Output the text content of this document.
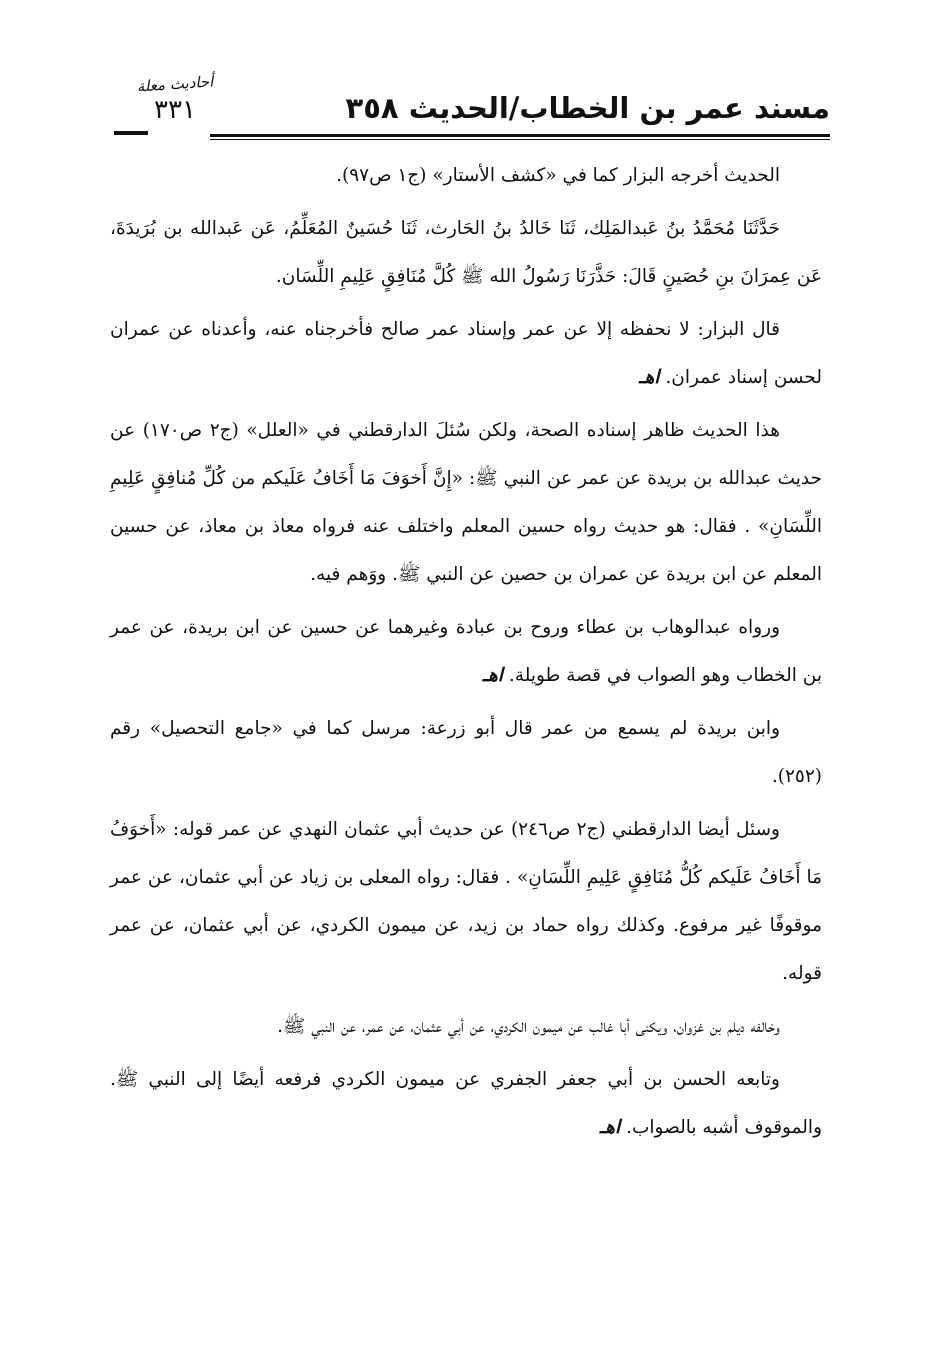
مسند عمر بن الخطاب/الحديث ٣٥٨
أحاديث معلة
٣٣١

الحديث أخرجه البزار كما في «كشف الأستار» (ج١ ص٩٧).

حَدَّثَنَا مُحَمَّدُ بنُ عَبدالمَلِك، ثَنَا خَالدُ بنُ الحَارث، ثَنَا حُسَينٌ المُعَلِّمُ، عَن عَبدالله بن بُرَيدَةَ، عَن عِمرَانَ بنِ حُصَينٍ قَالَ: حَذَّرَنَا رَسُولُ الله ﷺ كُلَّ مُنَافِقٍ عَلِيمِ اللِّسَان.

قال البزار: لا نحفظه إلا عن عمر وإسناد عمر صالح فأخرجناه عنه، وأعدناه عن عمران لحسن إسناد عمران.اهـ

هذا الحديث ظاهر إسناده الصحة، ولكن سُئلَ الدارقطني في «العلل» (ج٢ ص١٧٠) عن حديث عبدالله بن بريدة عن عمر عن النبي ﷺ: «إِنَّ أَخوَفَ مَا أَخَافُ عَلَيكم من كُلِّ مُنافِقٍ عَلِيمِ اللِّسَانِ» . فقال: هو حديث رواه حسين المعلم واختلف عنه فرواه معاذ بن معاذ، عن حسين المعلم عن ابن بريدة عن عمران بن حصين عن النبي ﷺ. ووَهم فيه.

ورواه عبدالوهاب بن عطاء وروح بن عبادة وغيرهما عن حسين عن ابن بريدة، عن عمر بن الخطاب وهو الصواب في قصة طويلة.اهـ

وابن بريدة لم يسمع من عمر قال أبو زرعة: مرسل كما في «جامع التحصيل» رقم (٢٥٢).

وسئل أيضا الدارقطني (ج٢ ص٢٤٦) عن حديث أبي عثمان النهدي عن عمر قوله: «أَخوَفُ مَا أَخَافُ عَلَيكم كُلُّ مُنَافِقٍ عَلِيمِ اللِّسَانِ» . فقال: رواه المعلى بن زياد عن أبي عثمان، عن عمر موقوفًا غير مرفوع. وكذلك رواه حماد بن زيد، عن ميمون الكردي، عن أبي عثمان، عن عمر قوله.

وخالفه ديلم بن غزوان، ويكنى أبا غالب عن ميمون الكردي، عن أبي عثمان، عن عمر، عن النبي ﷺ.

وتابعه الحسن بن أبي جعفر الجفري عن ميمون الكردي فرفعه أيضًا إلى النبي ﷺ. والموقوف أشبه بالصواب.اهـ
